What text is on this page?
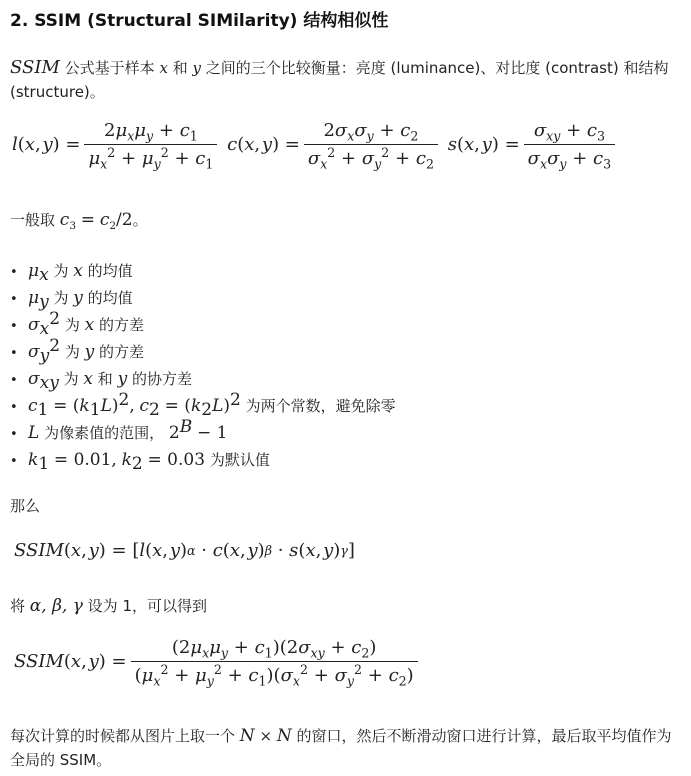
2. SSIM (Structural SIMilarity) 结构相似性
SSIM 公式基于样本 x 和 y 之间的三个比较衡量：亮度 (luminance)、对比度 (contrast) 和结构 (structure)。
l ( x ,  y ) = $\frac{2\mu_x\mu_y + c_1}{\mu_x^2 + \mu_y^2 + c_1}$ c ( x ,  y ) = $\frac{2\sigma_x\sigma_y + c_2}{\sigma_x^2 + \sigma_y^2 + c_2}$ s ( x ,  y ) = $\frac{\sigma_{xy} + c_3}{\sigma_x\sigma_y + c_3}$
一般取 $c_3 = c_2/2$。
• $\mu_x$ 为 x 的均值
• $\mu_y$ 为 y 的均值
• $\sigma_x^2$ 为 x 的方差
• $\sigma_y^2$ 为 y 的方差
• $\sigma_{xy}$ 为 x 和 y 的协方差
• $c_1 = (k_1L)^2$, $c_2 = (k_2L)^2$ 为两个常数，避免除零
• L 为像素值的范围， $2^B - 1$
• $k_1 = 0.01$, $k_2 = 0.03$ 为默认值
那么
SSIM ( x ,  y ) = [ l ( x ,  y ) α · c ( x ,  y ) β · s ( x ,  y ) γ ]
将 α, β, γ 设为 1，可以得到
SSIM ( x ,  y ) = $\frac{(2\mu_x\mu_y + c_1)(2\sigma_{xy} + c_2)}{(\mu_x^2 + \mu_y^2 + c_1)(\sigma_x^2 + \sigma_y^2 + c_2)}$
每次计算的时候都从图片上取一个 N × N 的窗口，然后不断滑动窗口进行计算，最后取平均值作为全局的 SSIM。
